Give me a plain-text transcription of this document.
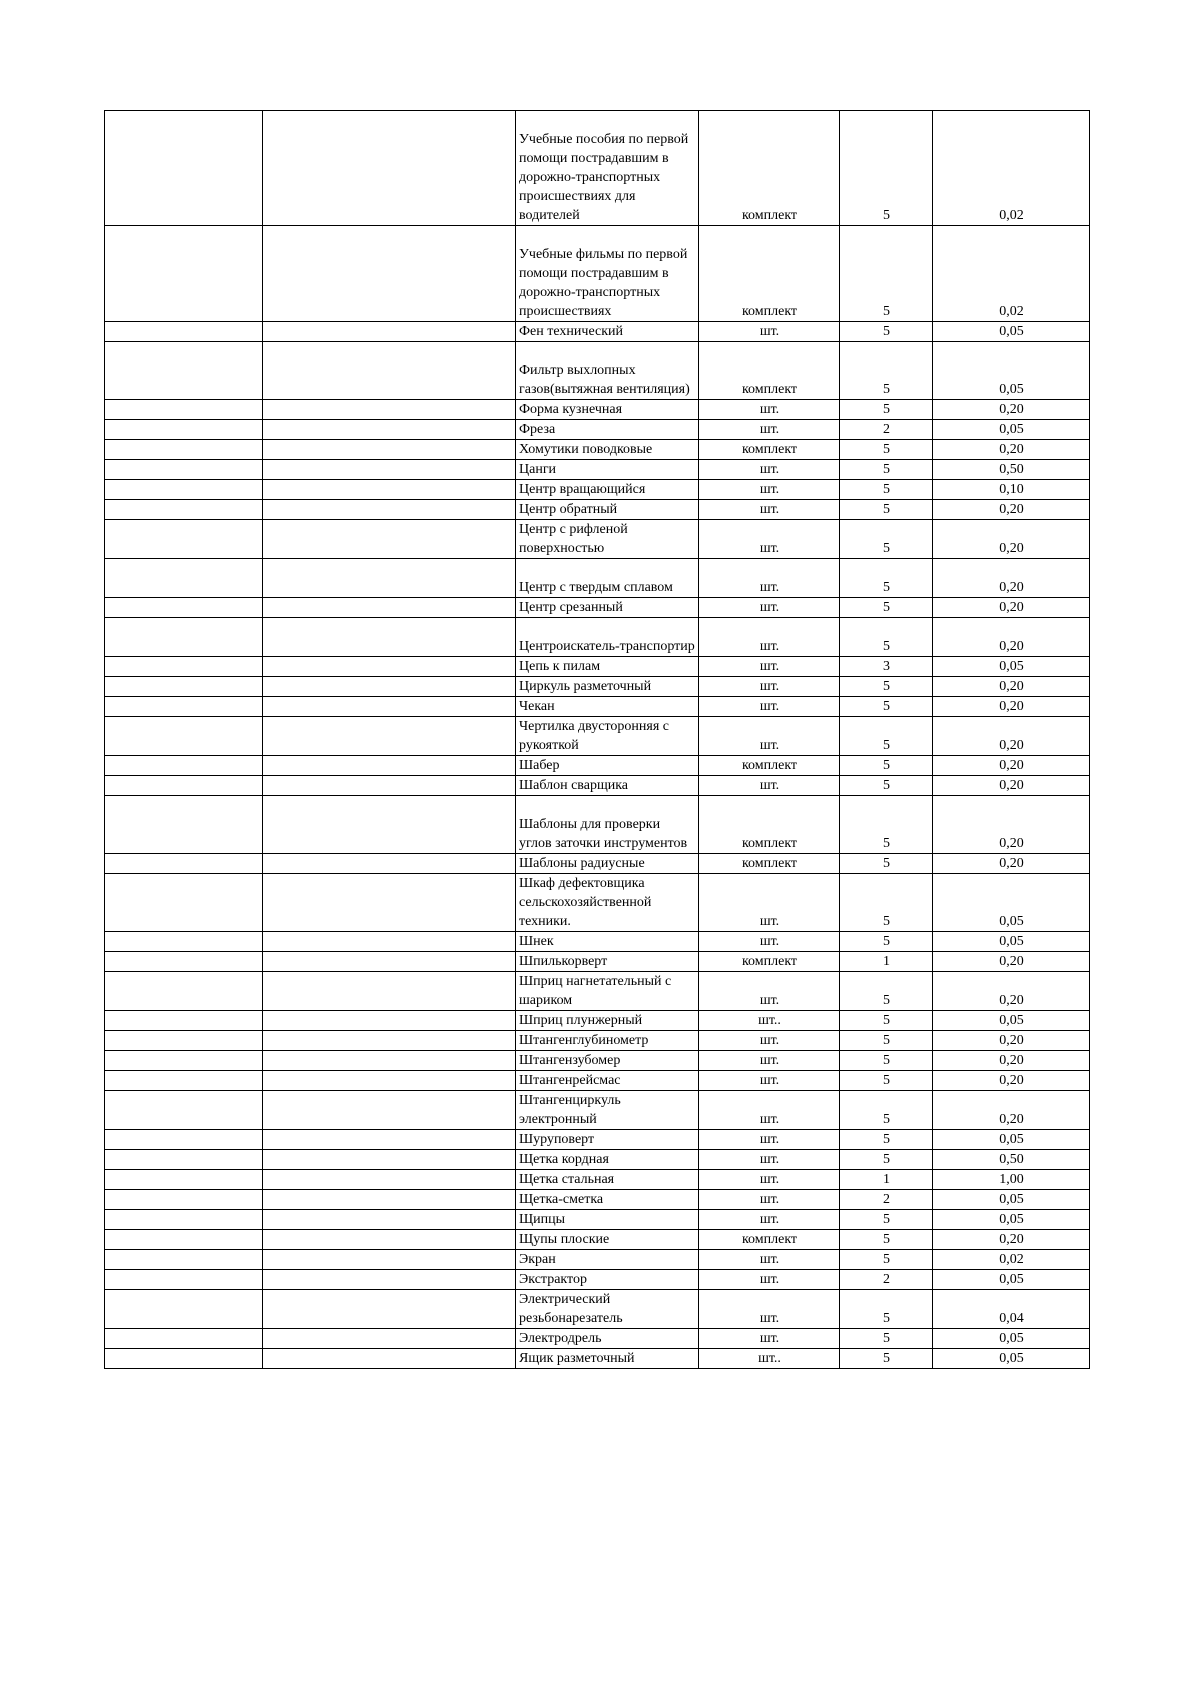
		Учебные пособия по первой помощи пострадавшим в дорожно-транспортных происшествиях для водителей	комплект	5	0,02
		Учебные фильмы по первой помощи пострадавшим в дорожно-транспортных происшествиях	комплект	5	0,02
		Фен технический	шт.	5	0,05
		Фильтр выхлопных газов(вытяжная вентиляция)	комплект	5	0,05
		Форма кузнечная	шт.	5	0,20
		Фреза	шт.	2	0,05
		Хомутики поводковые	комплект	5	0,20
		Цанги	шт.	5	0,50
		Центр вращающийся	шт.	5	0,10
		Центр обратный	шт.	5	0,20
		Центр с рифленой поверхностью	шт.	5	0,20
		Центр с твердым сплавом	шт.	5	0,20
		Центр срезанный	шт.	5	0,20
		Центроискатель-транспортир	шт.	5	0,20
		Цепь к пилам	шт.	3	0,05
		Циркуль разметочный	шт.	5	0,20
		Чекан	шт.	5	0,20
		Чертилка двусторонняя с рукояткой	шт.	5	0,20
		Шабер	комплект	5	0,20
		Шаблон сварщика	шт.	5	0,20
		Шаблоны для проверки углов заточки инструментов	комплект	5	0,20
		Шаблоны радиусные	комплект	5	0,20
		Шкаф дефектовщика сельскохозяйственной техники.	шт.	5	0,05
		Шнек	шт.	5	0,05
		Шпилькорверт	комплект	1	0,20
		Шприц нагнетательный с шариком	шт.	5	0,20
		Шприц плунжерный	шт..	5	0,05
		Штангенглубинометр	шт.	5	0,20
		Штангензубомер	шт.	5	0,20
		Штангенрейсмас	шт.	5	0,20
		Штангенциркуль электронный	шт.	5	0,20
		Шуруповерт	шт.	5	0,05
		Щетка кордная	шт.	5	0,50
		Щетка стальная	шт.	1	1,00
		Щетка-сметка	шт.	2	0,05
		Щипцы	шт.	5	0,05
		Щупы плоские	комплект	5	0,20
		Экран	шт.	5	0,02
		Экстрактор	шт.	2	0,05
		Электрический резьбонарезатель	шт.	5	0,04
		Электродрель	шт.	5	0,05
		Ящик разметочный	шт..	5	0,05
